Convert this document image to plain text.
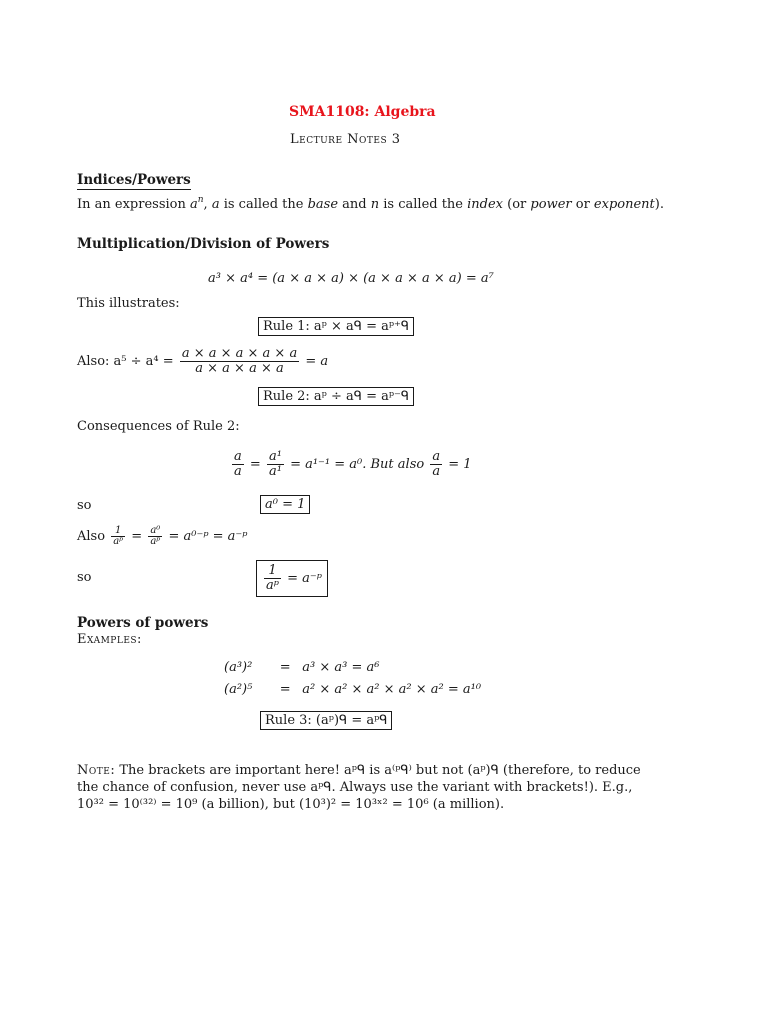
SMA1108: Algebra
Lecture Notes 3
Indices/Powers
In an expression $a^n$, a is called the base and n is called the index (or power or exponent).
Multiplication/Division of Powers
a³ × a⁴ = (a × a × a) × (a × a × a × a) = a⁷
This illustrates:
Rule 1: aᵖ × aᑫ = aᵖ⁺ᑫ
Also: $a^5 \div a^4 = \frac{a \times a \times a \times a \times a}{a \times a \times a \times a} = a$
Rule 2: aᵖ ÷ aᑫ = aᵖ⁻ᑫ
Consequences of Rule 2:
$\frac{a}{a} = \frac{\text{a¹}}{\text{a¹}} = a^{1-1} = a^0$. But also $\frac{a}{a} = 1$
so	a⁰ = 1
Also $\frac{1}{\text{aᵖ}} = \frac{\text{a⁰}}{\text{aᵖ}}$ = a⁰⁻ᵖ = a⁻ᵖ
so	$\frac{1}{\text{aᵖ}}$ = a⁻ᵖ
Powers of powers
Examples:
(a³)² = a³ × a³ = a⁶
(a²)⁵ = a² × a² × a² × a² × a² = a¹⁰
Rule 3: (aᵖ)ᑫ = aᵖᑫ
Note: The brackets are important here! aᵖᑫ is a⁽ᵖᑫ⁾ but not (aᵖ)ᑫ (therefore, to reduce
the chance of confusion, never use aᵖᑫ. Always use the variant with brackets!). E.g.,
10³² = 10⁽³²⁾ = 10⁹ (a billion), but (10³)² = 10³ˣ² = 10⁶ (a million).
